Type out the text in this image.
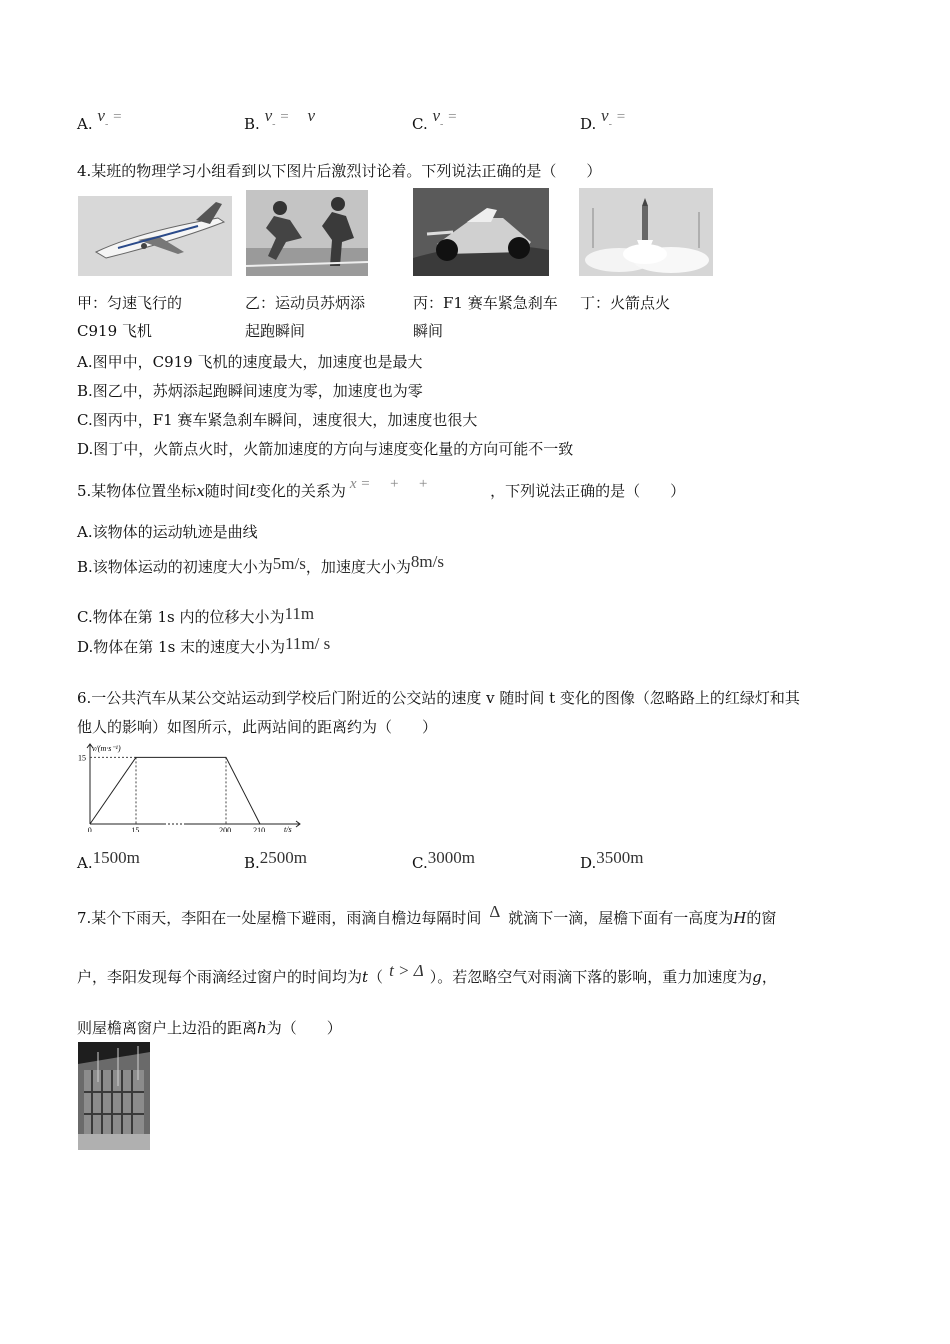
A. v- =	B. v- = v	C. v- =	D. v- =
4.某班的物理学习小组看到以下图片后激烈讨论着。下列说法正确的是（　　）
甲：匀速飞行的
C919 飞机
乙：运动员苏炳添
起跑瞬间
丙：F1 赛车紧急刹车
瞬间
丁：火箭点火
A.图甲中，C919 飞机的速度最大，加速度也是最大
B.图乙中，苏炳添起跑瞬间速度为零，加速度也为零
C.图丙中，F1 赛车紧急刹车瞬间，速度很大，加速度也很大
D.图丁中，火箭点火时，火箭加速度的方向与速度变化量的方向可能不一致
5.某物体位置坐标x随时间t变化的关系为 x =　 +　 +	，下列说法正确的是（　　）
A.该物体的运动轨迹是曲线
B.该物体运动的初速度大小为5m/s，加速度大小为8m/s
C.物体在第 1s 内的位移大小为11m
D.物体在第 1s 末的速度大小为11m/ s
6.一公共汽车从某公交站运动到学校后门附近的公交站的速度 v 随时间 t 变化的图像（忽略路上的红绿灯和其
他人的影响）如图所示，此两站间的距离约为（　　）
v/(m·s⁻¹)
t/s
15
0	15	200	210
A.1500m	B.2500m	C.3000m	D.3500m
7.某个下雨天，李阳在一处屋檐下避雨，雨滴自檐边每隔时间 Δ 就滴下一滴，屋檐下面有一高度为H的窗
户，李阳发现每个雨滴经过窗户的时间均为t（ t > Δ ）。若忽略空气对雨滴下落的影响，重力加速度为g，
则屋檐离窗户上边沿的距离h为（　　）
